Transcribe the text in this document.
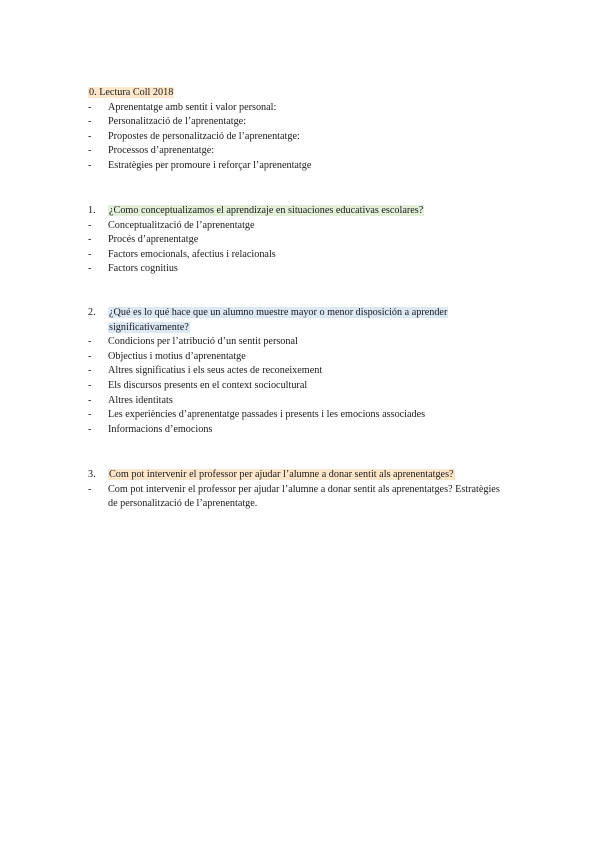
0. Lectura Coll 2018
-	Aprenentatge amb sentit i valor personal:
-	Personalització de l’aprenentatge:
-	Propostes de personalització de l’aprenentatge:
-	Processos d’aprenentatge:
-	Estratègies per promoure i reforçar l’aprenentatge
1.	¿Como conceptualizamos el aprendizaje en situaciones educativas escolares?
-	Conceptualització de l’aprenentatge
-	Procés d’aprenentatge
-	Factors emocionals, afectius i relacionals
-	Factors cognitius
2.	¿Qué es lo qué hace que un alumno muestre mayor o menor disposición a aprender significativamente?
-	Condicions per l’atribució d’un sentit personal
-	Objectius i motius d’aprenentatge
-	Altres significatius i els seus actes de reconeixement
-	Els discursos presents en el context sociocultural
-	Altres identitats
-	Les experiències d’aprenentatge passades i presents i les emocions associades
-	Informacions d’emocions
3.	Com pot intervenir el professor per ajudar l’alumne a donar sentit als aprenentatges?
-	Com pot intervenir el professor per ajudar l’alumne a donar sentit als aprenentatges? Estratègies de personalització de l’aprenentatge.
